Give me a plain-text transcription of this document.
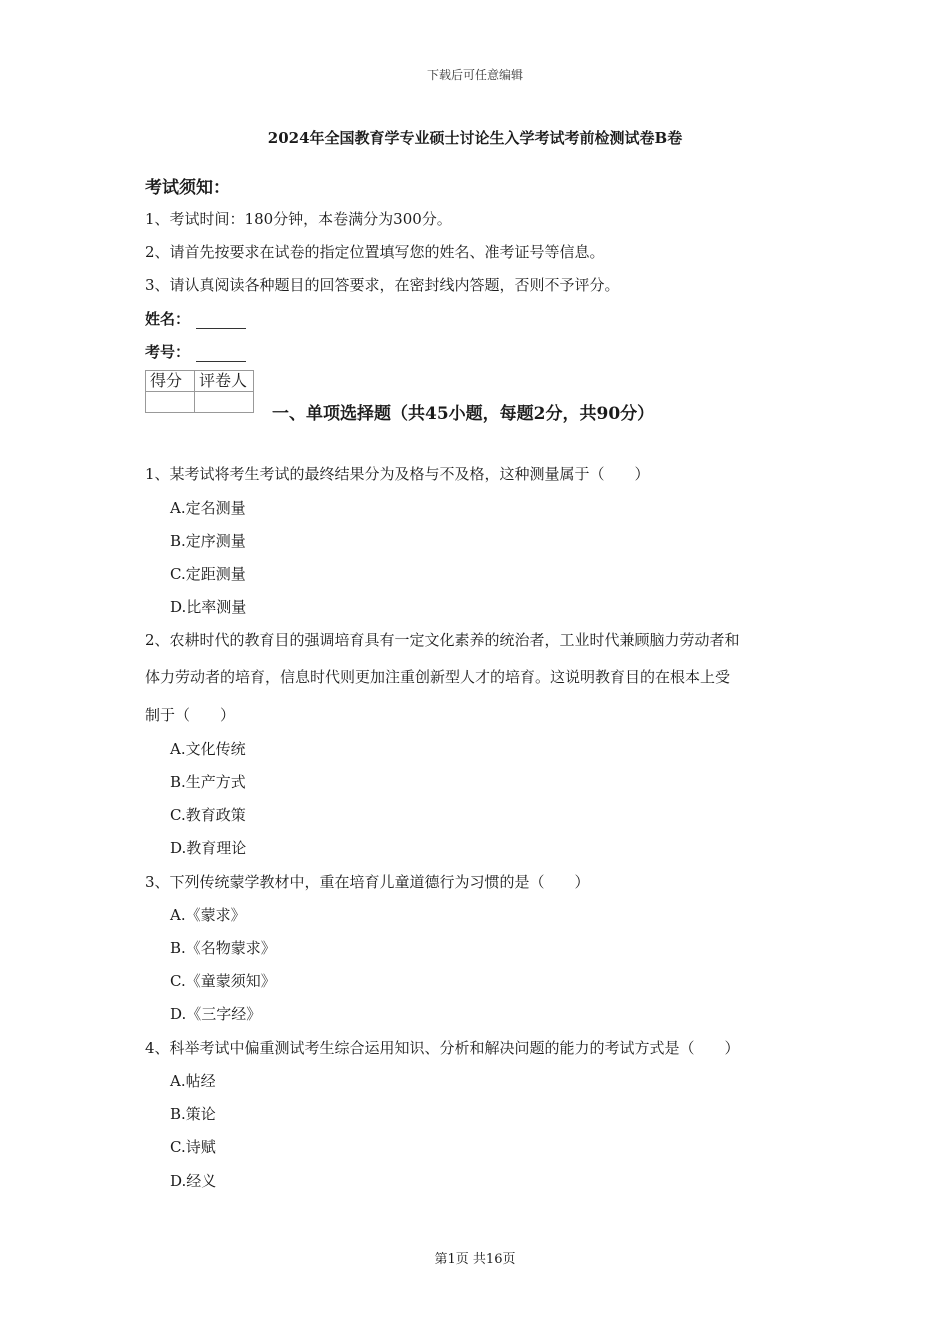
下载后可任意编辑
2024年全国教育学专业硕士讨论生入学考试考前检测试卷B卷
考试须知：
1、考试时间：180分钟，本卷满分为300分。
2、请首先按要求在试卷的指定位置填写您的姓名、准考证号等信息。
3、请认真阅读各种题目的回答要求，在密封线内答题，否则不予评分。
姓名：
考号：
得分	评卷人

一、单项选择题（共45小题，每题2分，共90分）
1、某考试将考生考试的最终结果分为及格与不及格，这种测量属于（　　）
A.定名测量
B.定序测量
C.定距测量
D.比率测量
2、农耕时代的教育目的强调培育具有一定文化素养的统治者，工业时代兼顾脑力劳动者和
体力劳动者的培育，信息时代则更加注重创新型人才的培育。这说明教育目的在根本上受
制于（　　）
A.文化传统
B.生产方式
C.教育政策
D.教育理论
3、下列传统蒙学教材中，重在培育儿童道德行为习惯的是（　　）
A.《蒙求》
B.《名物蒙求》
C.《童蒙须知》
D.《三字经》
4、科举考试中偏重测试考生综合运用知识、分析和解决问题的能力的考试方式是（　　）
A.帖经
B.策论
C.诗赋
D.经义
第1页 共16页
